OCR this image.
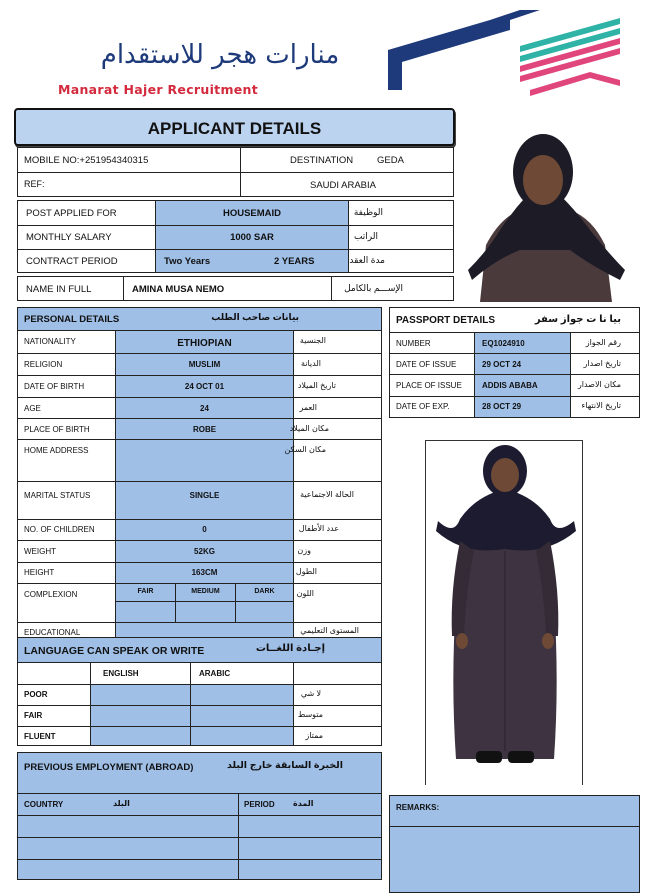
منارات هجر للاستقدام
Manarat Hajer Recruitment
APPLICANT DETAILS
MOBILE NO:+251954340315	DESTINATION	GEDA
REF:	SAUDI ARABIA
POST APPLIED FOR	HOUSEMAID	الوظيفة
MONTHLY SALARY	1000 SAR	الراتب
CONTRACT PERIOD	Two Years	2 YEARS	مدة العقد
NAME IN FULL	AMINA MUSA NEMO	الإســـم بالكامل
PERSONAL DETAILS	بيانات صاحب الطلب
NATIONALITY	ETHIOPIAN	الجنسية
RELIGION	MUSLIM	الديانة
DATE OF BIRTH	24 OCT 01	تاريخ الميلاد
AGE	24	العمر
PLACE OF BIRTH	ROBE	مكان الميلاد
HOME ADDRESS	مكان السكن
MARITAL STATUS	SINGLE	الحالة الاجتماعية
NO. OF CHILDREN	0	عدد الأطفال
WEIGHT	52KG	وزن
HEIGHT	163CM	الطول
COMPLEXION	FAIR	MEDIUM	DARK	اللون
EDUCATIONAL	المستوى التعليمي
LANGUAGE CAN SPEAK OR WRITE	إجـادة اللغــات
ENGLISH	ARABIC
POOR	لا شي
FAIR	متوسط
FLUENT	ممتاز
PREVIOUS EMPLOYMENT (ABROAD)	الخبرة السابقة خارج البلد
COUNTRY	البلد	PERIOD المدة
PASSPORT DETAILS	بيا نا ت جواز سفر
NUMBER	EQ1024910	رقم الجواز
DATE OF ISSUE	29 OCT 24	تاريخ اصدار
PLACE OF ISSUE	ADDIS ABABA	مكان الاصدار
DATE OF EXP.	28 OCT 29	تاريخ الانتهاء
REMARKS:
